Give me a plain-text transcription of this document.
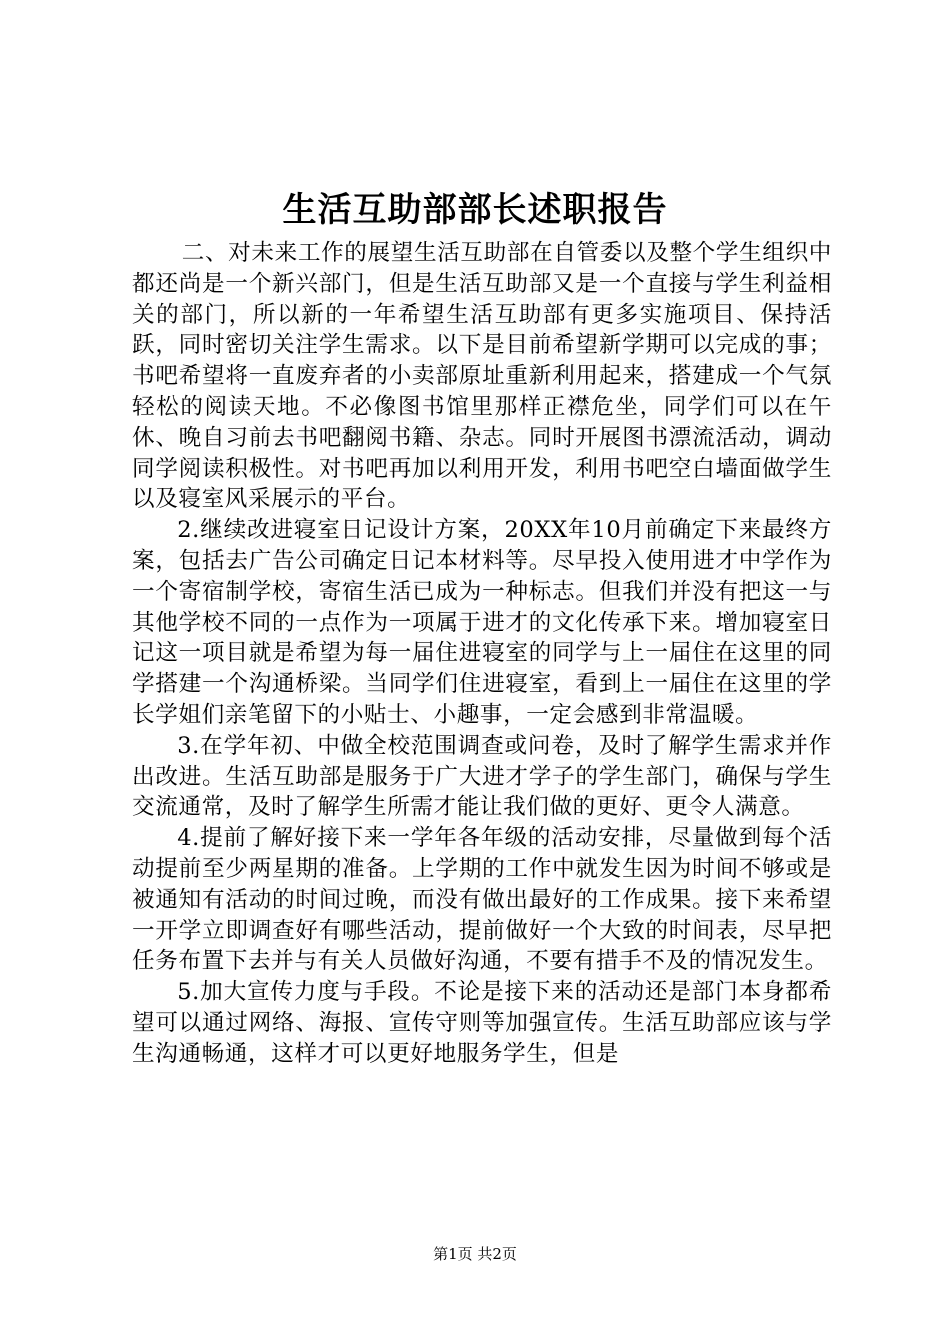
生活互助部部长述职报告

二、对未来工作的展望生活互助部在自管委以及整个学生组织中都还尚是一个新兴部门，但是生活互助部又是一个直接与学生利益相关的部门，所以新的一年希望生活互助部有更多实施项目、保持活跃，同时密切关注学生需求。以下是目前希望新学期可以完成的事；书吧希望将一直废弃者的小卖部原址重新利用起来，搭建成一个气氛轻松的阅读天地。不必像图书馆里那样正襟危坐，同学们可以在午休、晚自习前去书吧翻阅书籍、杂志。同时开展图书漂流活动，调动同学阅读积极性。对书吧再加以利用开发，利用书吧空白墙面做学生以及寝室风采展示的平台。

2.继续改进寝室日记设计方案，20XX年10月前确定下来最终方案，包括去广告公司确定日记本材料等。尽早投入使用进才中学作为一个寄宿制学校，寄宿生活已成为一种标志。但我们并没有把这一与其他学校不同的一点作为一项属于进才的文化传承下来。增加寝室日记这一项目就是希望为每一届住进寝室的同学与上一届住在这里的同学搭建一个沟通桥梁。当同学们住进寝室，看到上一届住在这里的学长学姐们亲笔留下的小贴士、小趣事，一定会感到非常温暖。

3.在学年初、中做全校范围调查或问卷，及时了解学生需求并作出改进。生活互助部是服务于广大进才学子的学生部门，确保与学生交流通常，及时了解学生所需才能让我们做的更好、更令人满意。

4.提前了解好接下来一学年各年级的活动安排，尽量做到每个活动提前至少两星期的准备。上学期的工作中就发生因为时间不够或是被通知有活动的时间过晚，而没有做出最好的工作成果。接下来希望一开学立即调查好有哪些活动，提前做好一个大致的时间表，尽早把任务布置下去并与有关人员做好沟通，不要有措手不及的情况发生。

5.加大宣传力度与手段。不论是接下来的活动还是部门本身都希望可以通过网络、海报、宣传守则等加强宣传。生活互助部应该与学生沟通畅通，这样才可以更好地服务学生，但是

第1页 共2页
